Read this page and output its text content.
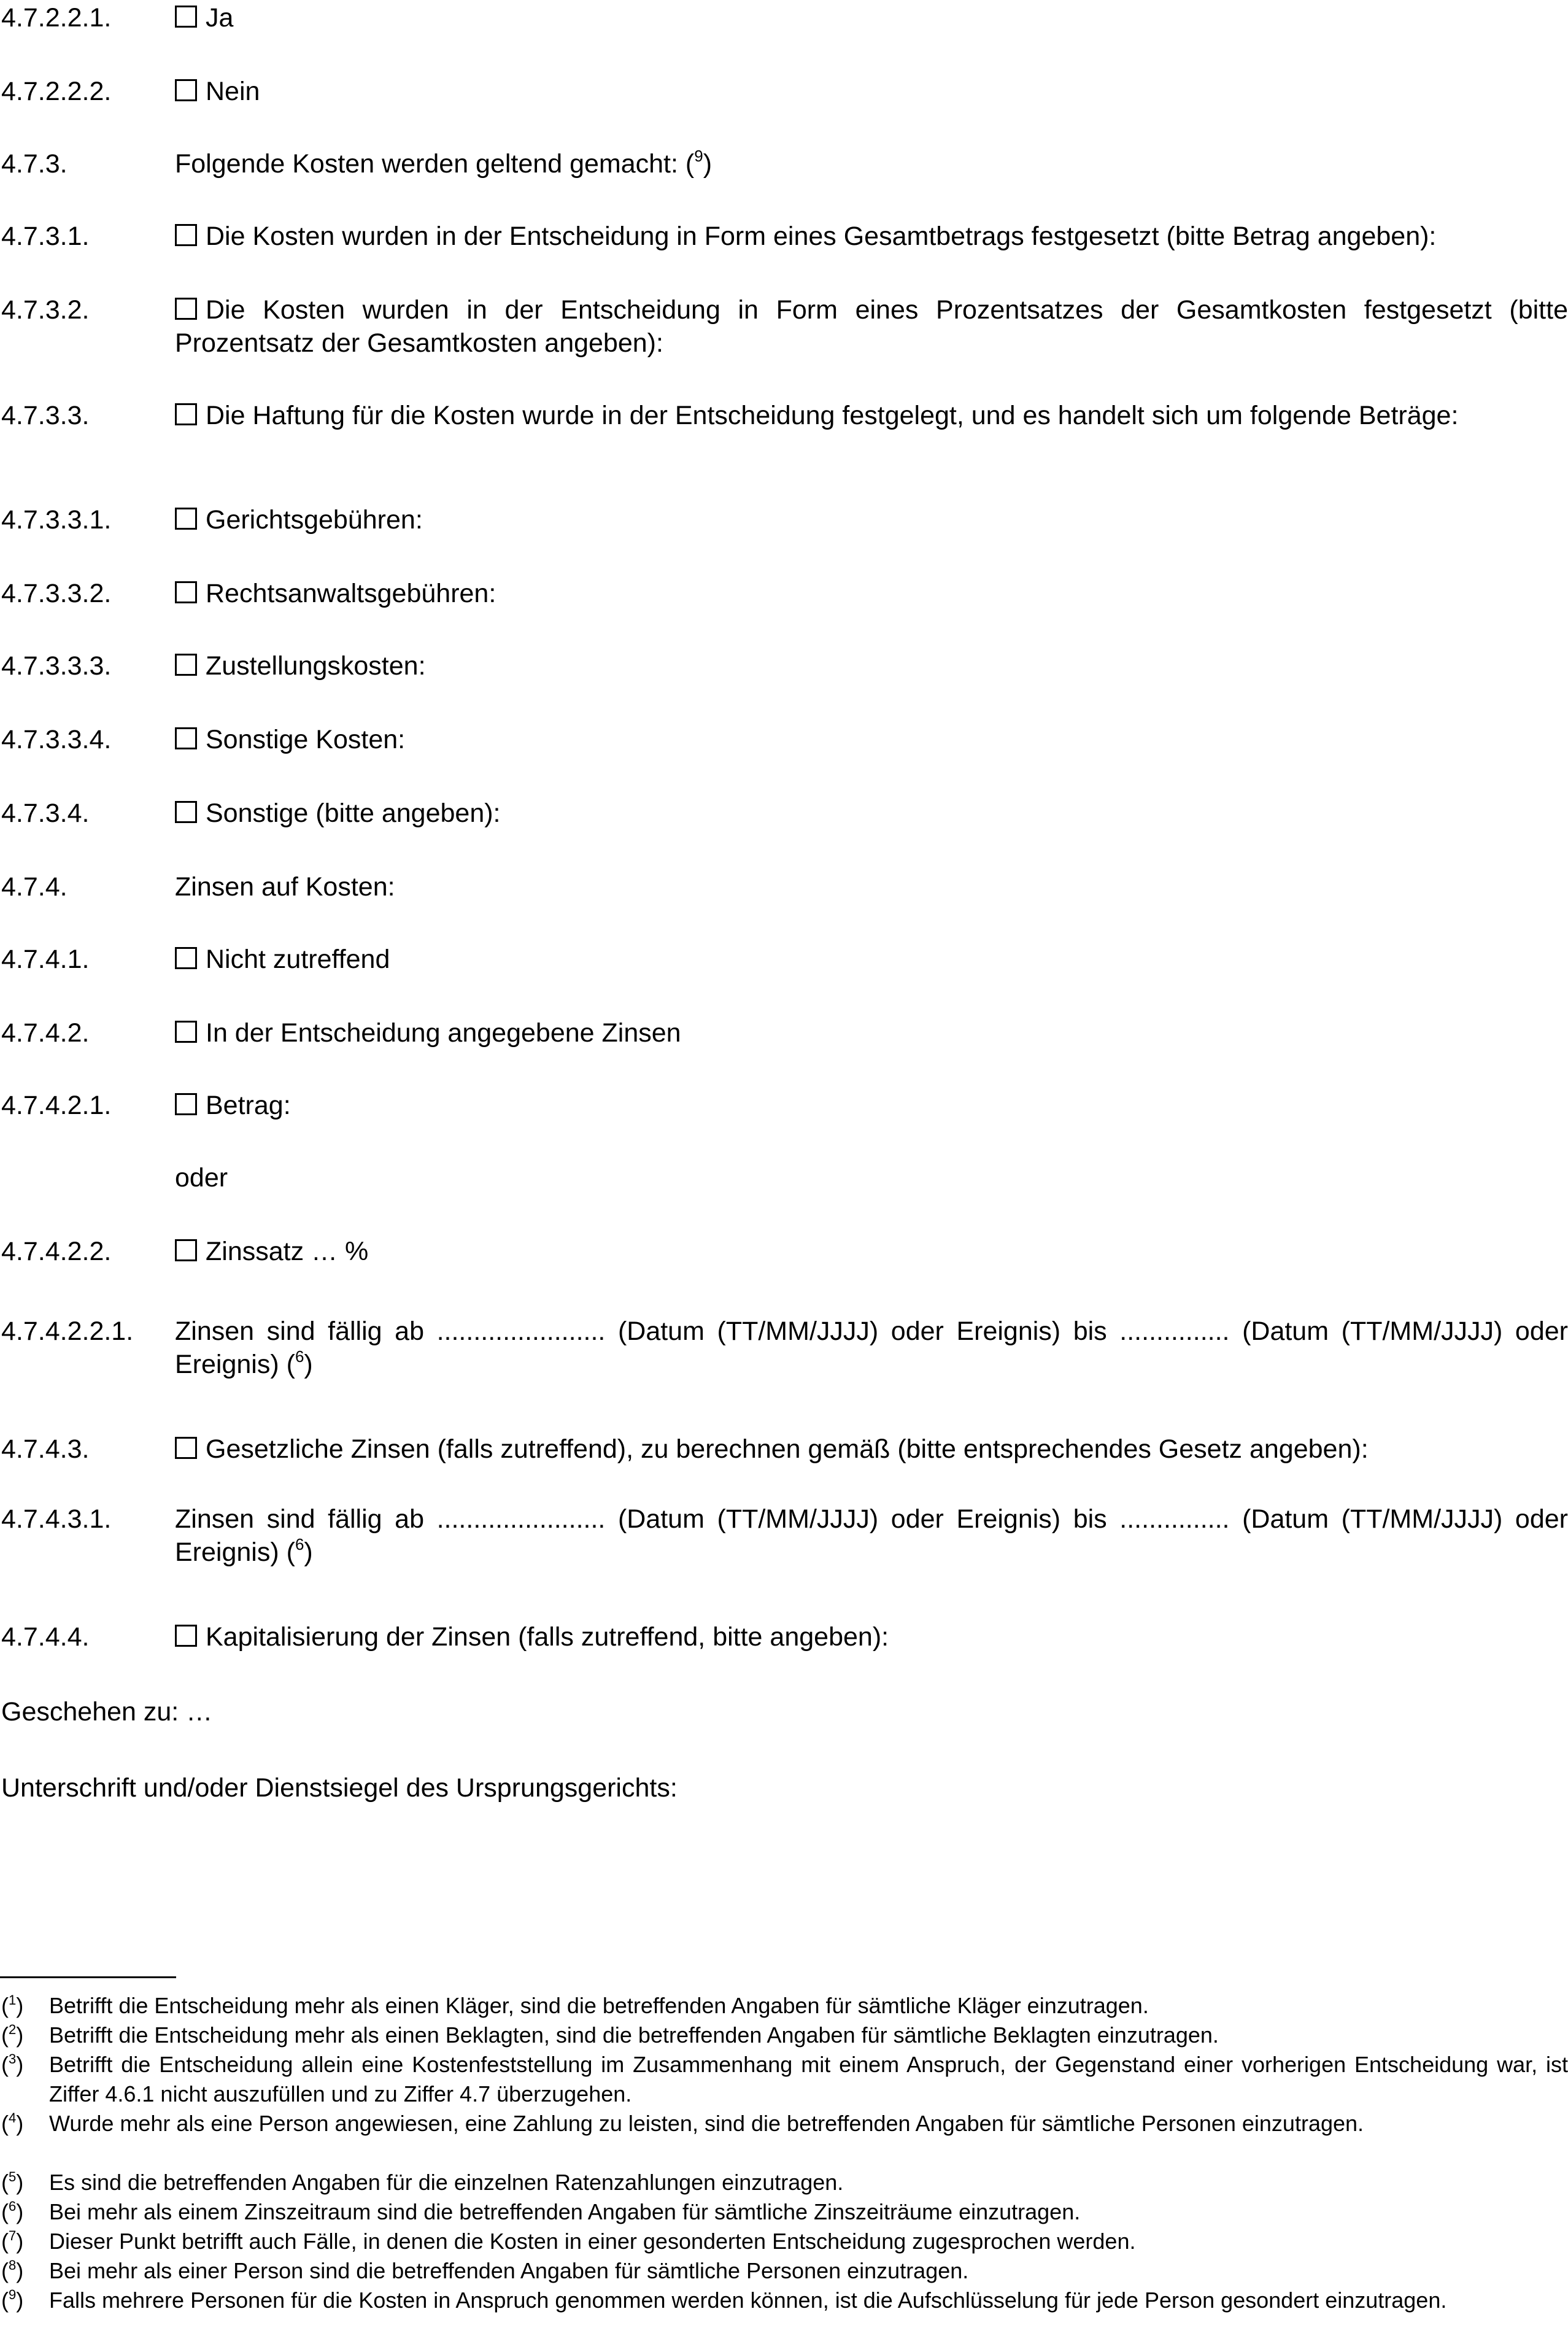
4.7.2.2.1.	Ja
4.7.2.2.2.	Nein
4.7.3.	Folgende Kosten werden geltend gemacht: ($^9$)
4.7.3.1.	Die Kosten wurden in der Entscheidung in Form eines Gesamtbetrags festgesetzt (bitte Betrag angeben):
4.7.3.2.	Die Kosten wurden in der Entscheidung in Form eines Prozentsatzes der Gesamtkosten festgesetzt (bitte Prozentsatz der Gesamtkosten angeben):
4.7.3.3.	Die Haftung für die Kosten wurde in der Entscheidung festgelegt, und es handelt sich um folgende Beträge:
4.7.3.3.1.	Gerichtsgebühren:
4.7.3.3.2.	Rechtsanwaltsgebühren:
4.7.3.3.3.	Zustellungskosten:
4.7.3.3.4.	Sonstige Kosten:
4.7.3.4.	Sonstige (bitte angeben):
4.7.4.	Zinsen auf Kosten:
4.7.4.1.	Nicht zutreffend
4.7.4.2.	In der Entscheidung angegebene Zinsen
4.7.4.2.1.	Betrag:
oder
4.7.4.2.2.	Zinssatz … %
4.7.4.2.2.1. Zinsen sind fällig ab ....................... (Datum (TT/MM/JJJJ) oder Ereignis) bis ............... (Datum (TT/MM/JJJJ) oder Ereignis) ($^6$)
4.7.4.3.	Gesetzliche Zinsen (falls zutreffend), zu berechnen gemäß (bitte entsprechendes Gesetz angeben):
4.7.4.3.1. Zinsen sind fällig ab ....................... (Datum (TT/MM/JJJJ) oder Ereignis) bis ............... (Datum (TT/MM/JJJJ) oder Ereignis) ($^6$)
4.7.4.4.	Kapitalisierung der Zinsen (falls zutreffend, bitte angeben):
Geschehen zu: …
Unterschrift und/oder Dienstsiegel des Ursprungsgerichts:
($^1$) Betrifft die Entscheidung mehr als einen Kläger, sind die betreffenden Angaben für sämtliche Kläger einzutragen.
($^2$) Betrifft die Entscheidung mehr als einen Beklagten, sind die betreffenden Angaben für sämtliche Beklagten einzutragen.
($^3$) Betrifft die Entscheidung allein eine Kostenfeststellung im Zusammenhang mit einem Anspruch, der Gegenstand einer vorherigen Entscheidung war, ist Ziffer 4.6.1 nicht auszufüllen und zu Ziffer 4.7 überzugehen.
($^4$) Wurde mehr als eine Person angewiesen, eine Zahlung zu leisten, sind die betreffenden Angaben für sämtliche Personen einzutragen.
($^5$) Es sind die betreffenden Angaben für die einzelnen Ratenzahlungen einzutragen.
($^6$) Bei mehr als einem Zinszeitraum sind die betreffenden Angaben für sämtliche Zinszeiträume einzutragen.
($^7$) Dieser Punkt betrifft auch Fälle, in denen die Kosten in einer gesonderten Entscheidung zugesprochen werden.
($^8$) Bei mehr als einer Person sind die betreffenden Angaben für sämtliche Personen einzutragen.
($^9$) Falls mehrere Personen für die Kosten in Anspruch genommen werden können, ist die Aufschlüsselung für jede Person gesondert einzutragen.
